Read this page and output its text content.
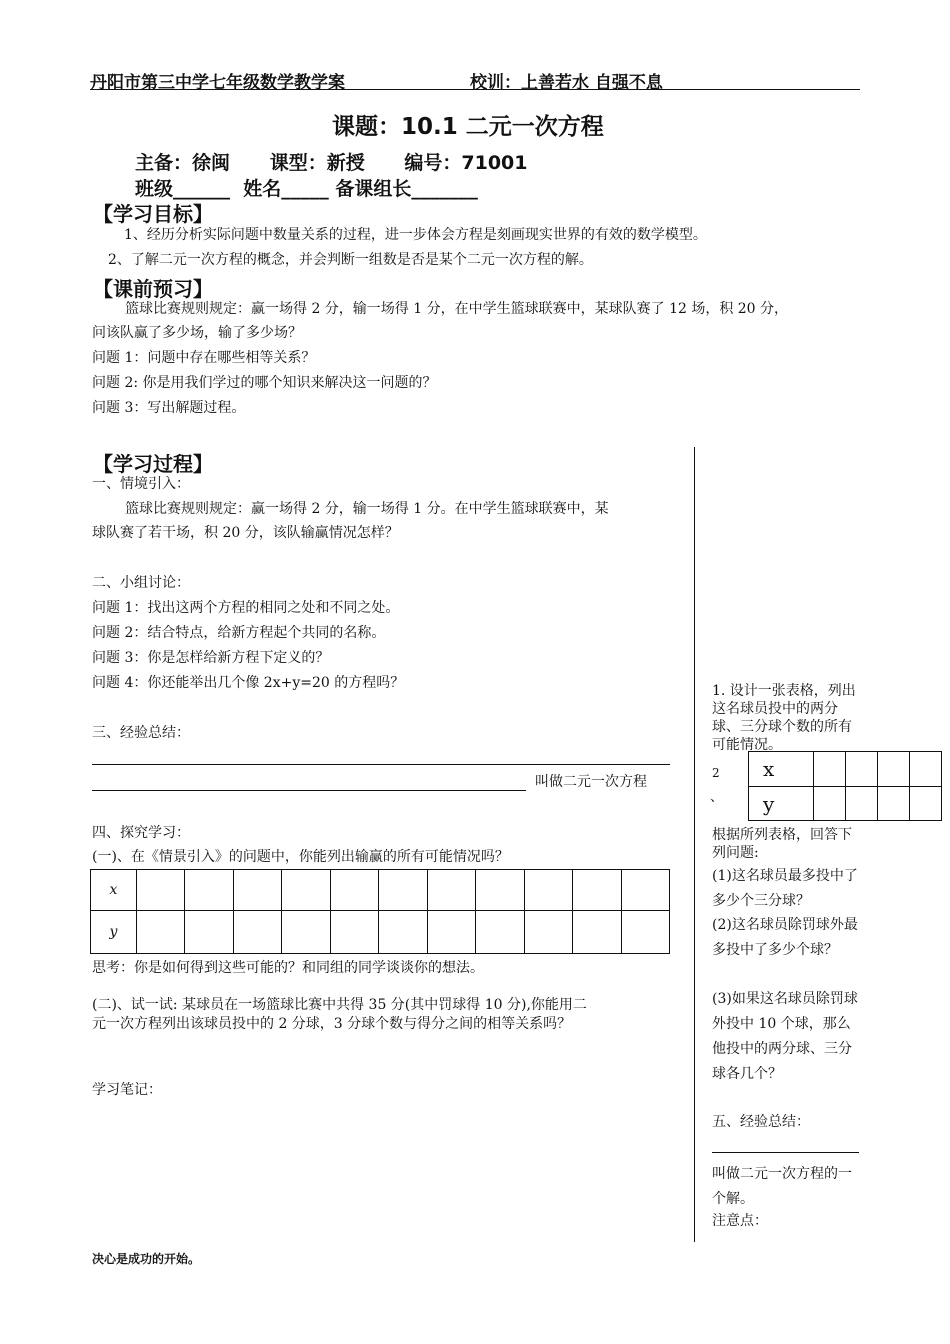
丹阳市第三中学七年级数学教学案	校训：上善若水 自强不息
课题：10.1 二元一次方程
主备：徐闽      课型：新授      编号：71001
班级______  姓名_____ 备课组长_______
【学习目标】
1、经历分析实际问题中数量关系的过程，进一步体会方程是刻画现实世界的有效的数学模型。
2、了解二元一次方程的概念，并会判断一组数是否是某个二元一次方程的解。
【课前预习】
篮球比赛规则规定：赢一场得 2 分，输一场得 1 分，在中学生篮球联赛中，某球队赛了 12 场，积 20 分，
问该队赢了多少场，输了多少场？
问题 1：问题中存在哪些相等关系？
问题 2: 你是用我们学过的哪个知识来解决这一问题的？
问题 3：写出解题过程。
【学习过程】
一、情境引入：
篮球比赛规则规定：赢一场得 2 分，输一场得 1 分。在中学生篮球联赛中，某
球队赛了若干场，积 20 分，该队输赢情况怎样？
二、小组讨论：
问题 1：找出这两个方程的相同之处和不同之处。
问题 2：结合特点，给新方程起个共同的名称。
问题 3：你是怎样给新方程下定义的？
问题 4：你还能举出几个像 2x+y=20 的方程吗？
三、经验总结：
叫做二元一次方程
四、探究学习：
(一)、在《情景引入》的问题中，你能列出输赢的所有可能情况吗？
x											
y											
思考：你是如何得到这些可能的？和同组的同学谈谈你的想法。
(二)、试一试: 某球员在一场篮球比赛中共得 35 分(其中罚球得 10 分),你能用二
元一次方程列出该球员投中的 2 分球，3 分球个数与得分之间的相等关系吗？
学习笔记：
1. 设计一张表格，列出这名球员投中的两分球、三分球个数的所有可能情况。
2
、
x				
y				
根据所列表格，回答下列问题:
(1)这名球员最多投中了多少个三分球？
(2)这名球员除罚球外最多投中了多少个球？
(3)如果这名球员除罚球外投中 10 个球，那么他投中的两分球、三分球各几个？
五、经验总结：
叫做二元一次方程的一个解。
注意点：
决心是成功的开始。
